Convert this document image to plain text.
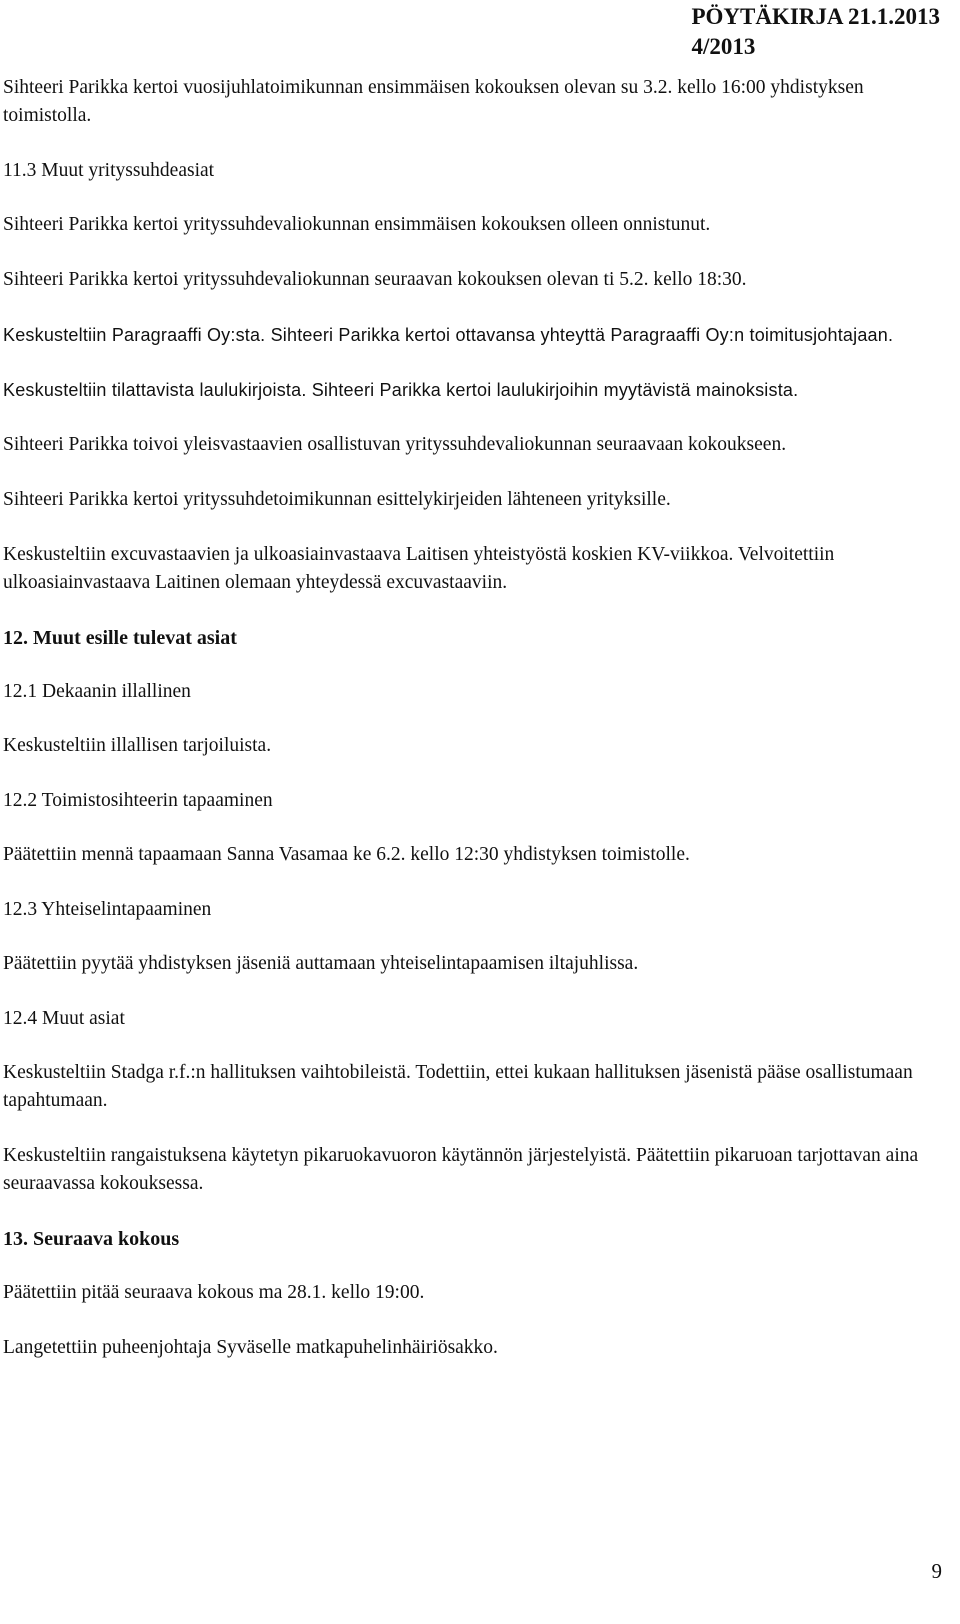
PÖYTÄKIRJA 21.1.2013
4/2013

Sihteeri Parikka kertoi vuosijuhlatoimikunnan ensimmäisen kokouksen olevan su 3.2. kello 16:00 yhdistyksen toimistolla.

11.3 Muut yrityssuhdeasiat

Sihteeri Parikka kertoi yrityssuhdevaliokunnan ensimmäisen kokouksen olleen onnistunut.

Sihteeri Parikka kertoi yrityssuhdevaliokunnan seuraavan kokouksen olevan ti 5.2. kello 18:30.

Keskusteltiin Paragraaffi Oy:sta. Sihteeri Parikka kertoi ottavansa yhteyttä Paragraaffi Oy:n toimitusjohtajaan.

Keskusteltiin tilattavista laulukirjoista. Sihteeri Parikka kertoi laulukirjoihin myytävistä mainoksista.

Sihteeri Parikka toivoi yleisvastaavien osallistuvan yrityssuhdevaliokunnan seuraavaan kokoukseen.

Sihteeri Parikka kertoi yrityssuhdetoimikunnan esittelykirjeiden lähteneen yrityksille.

Keskusteltiin excuvastaavien ja ulkoasiainvastaava Laitisen yhteistyöstä koskien KV-viikkoa. Velvoitettiin ulkoasiainvastaava Laitinen olemaan yhteydessä excuvastaaviin.

12. Muut esille tulevat asiat
12.1 Dekaanin illallinen

Keskusteltiin illallisen tarjoiluista.

12.2 Toimistosihteerin tapaaminen

Päätettiin mennä tapaamaan Sanna Vasamaa ke 6.2. kello 12:30 yhdistyksen toimistolle.

12.3 Yhteiselintapaaminen

Päätettiin pyytää yhdistyksen jäseniä auttamaan yhteiselintapaamisen iltajuhlissa.

12.4 Muut asiat

Keskusteltiin Stadga r.f.:n hallituksen vaihtobileistä. Todettiin, ettei kukaan hallituksen jäsenistä pääse osallistumaan tapahtumaan.

Keskusteltiin rangaistuksena käytetyn pikaruokavuoron käytännön järjestelyistä. Päätettiin pikaruoan tarjottavan aina seuraavassa kokouksessa.

13. Seuraava kokous

Päätettiin pitää seuraava kokous ma 28.1. kello 19:00.

Langetettiin puheenjohtaja Syväselle matkapuhelinhäiriösakko.

9
